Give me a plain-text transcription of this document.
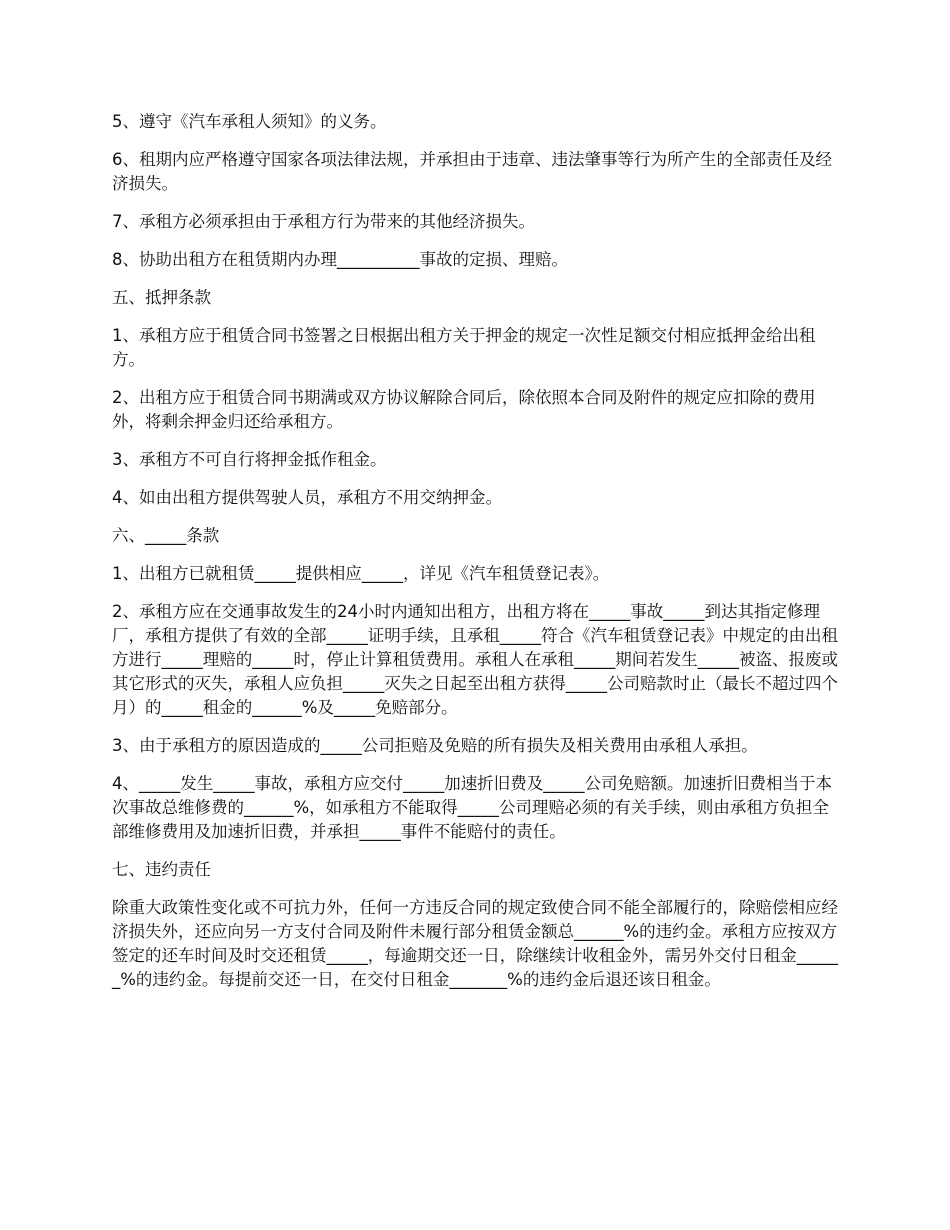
5、遵守《汽车承租人须知》的义务。

6、租期内应严格遵守国家各项法律法规，并承担由于违章、违法肇事等行为所产生的全部责任及经济损失。

7、承租方必须承担由于承租方行为带来的其他经济损失。

8、协助出租方在租赁期内办理__________事故的定损、理赔。

五、抵押条款

1、承租方应于租赁合同书签署之日根据出租方关于押金的规定一次性足额交付相应抵押金给出租方。

2、出租方应于租赁合同书期满或双方协议解除合同后，除依照本合同及附件的规定应扣除的费用外，将剩余押金归还给承租方。

3、承租方不可自行将押金抵作租金。

4、如由出租方提供驾驶人员，承租方不用交纳押金。

六、_____条款

1、出租方已就租赁_____提供相应_____，详见《汽车租赁登记表》。

2、承租方应在交通事故发生的24小时内通知出租方，出租方将在_____事故_____到达其指定修理厂，承租方提供了有效的全部_____证明手续，且承租_____符合《汽车租赁登记表》中规定的由出租方进行_____理赔的_____时，停止计算租赁费用。承租人在承租_____期间若发生_____被盗、报废或其它形式的灭失，承租人应负担_____灭失之日起至出租方获得_____公司赔款时止（最长不超过四个月）的_____租金的______%及_____免赔部分。

3、由于承租方的原因造成的_____公司拒赔及免赔的所有损失及相关费用由承租人承担。

4、_____发生_____事故，承租方应交付_____加速折旧费及_____公司免赔额。加速折旧费相当于本次事故总维修费的______%，如承租方不能取得_____公司理赔必须的有关手续，则由承租方负担全部维修费用及加速折旧费，并承担_____事件不能赔付的责任。

七、违约责任

除重大政策性变化或不可抗力外，任何一方违反合同的规定致使合同不能全部履行的，除赔偿相应经济损失外，还应向另一方支付合同及附件未履行部分租赁金额总______%的违约金。承租方应按双方签定的还车时间及时交还租赁_____，每逾期交还一日，除继续计收租金外，需另外交付日租金______%的违约金。每提前交还一日，在交付日租金_______%的违约金后退还该日租金。
